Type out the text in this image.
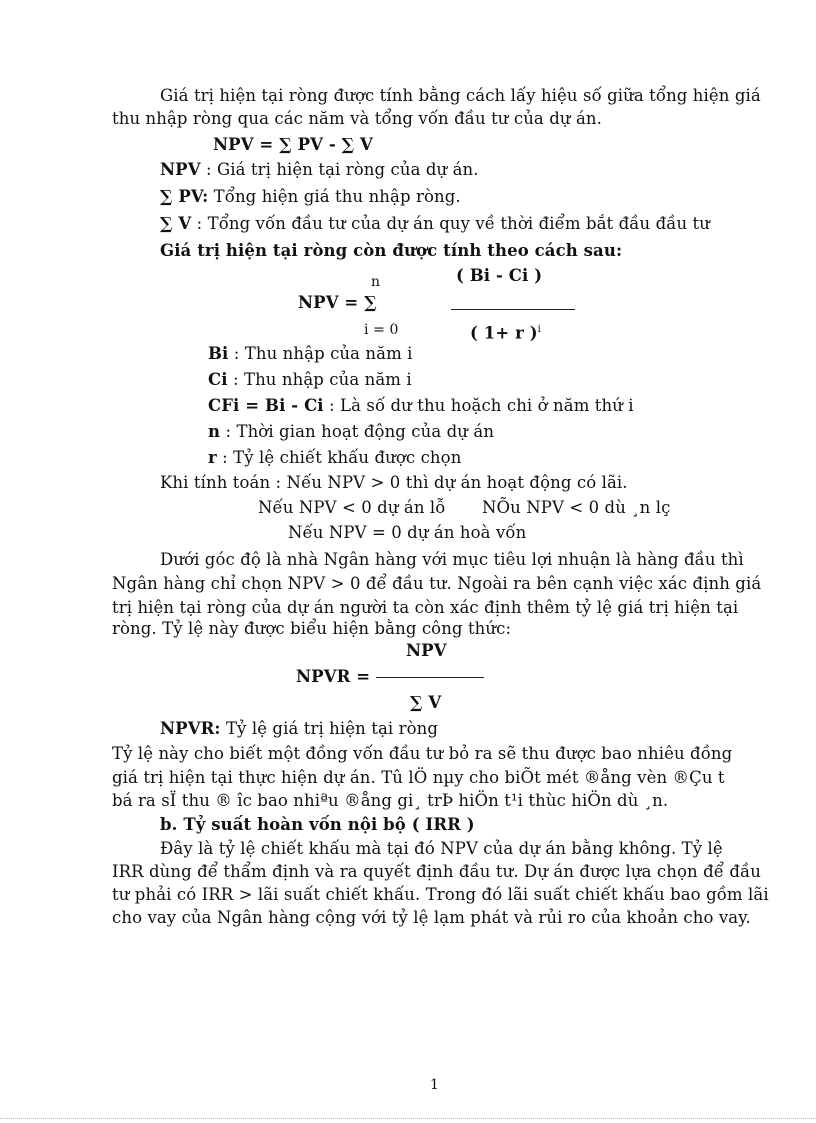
Giá trị hiện tại ròng được tính bằng cách lấy hiệu số giữa tổng hiện giá
thu nhập ròng qua các năm và tổng vốn đầu tư của dự án.
NPV = ∑ PV - ∑ V
NPV : Giá trị hiện tại ròng của dự án.
∑ PV: Tổng hiện giá thu nhập ròng.
∑ V : Tổng vốn đầu tư của dự án quy về thời điểm bắt đầu đầu tư
Giá trị hiện tại ròng còn được tính theo cách sau:
n	( Bi - Ci )
NPV = ∑
i = 0	( 1+ r )$^i$
Bi : Thu nhập của năm i
Ci : Thu nhập của năm i
CFi = Bi - Ci : Là số dư thu hoặch chi ở năm thứ i
n : Thời gian hoạt động của dự án
r : Tỷ lệ chiết khấu được chọn
Khi tính toán : Nếu NPV > 0 thì dự án hoạt động có lãi.
Nếu NPV < 0 dự án lỗ NÕu NPV < 0 dù ¸n lç
Nếu NPV = 0 dự án hoà vốn
Dưới góc độ là nhà Ngân hàng với mục tiêu lợi nhuận là hàng đầu thì
Ngân hàng chỉ chọn NPV > 0 để đầu tư. Ngoài ra bên cạnh việc xác định giá
trị hiện tại ròng của dự án người ta còn xác định thêm tỷ lệ giá trị hiện tại
ròng. Tỷ lệ này được biểu hiện bằng công thức:
NPV
NPVR =
∑ V
NPVR: Tỷ lệ giá trị hiện tại ròng
Tỷ lệ này cho biết một đồng vốn đầu tư bỏ ra sẽ thu được bao nhiêu đồng
giá trị hiện tại thực hiện dự án. Tû lÖ nµy cho biÕt mét ®ång vèn ®Çu t
bá ra sÏ thu ® îc bao nhiªu ®ång gi¸ trÞ hiÖn t¹i thùc hiÖn dù ¸n.
b. Tỷ suất hoàn vốn nội bộ ( IRR )
Đây là tỷ lệ chiết khấu mà tại đó NPV của dự án bằng không. Tỷ lệ
IRR dùng để thẩm định và ra quyết định đầu tư. Dự án được lựa chọn để đầu
tư phải có IRR > lãi suất chiết khấu. Trong đó lãi suất chiết khấu bao gồm lãi
cho vay của Ngân hàng cộng với tỷ lệ lạm phát và rủi ro của khoản cho vay.
1
